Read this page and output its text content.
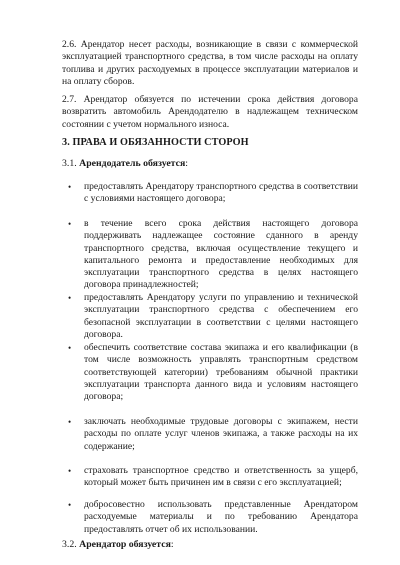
2.6. Арендатор несет расходы, возникающие в связи с коммерческой эксплуатацией транспортного средства, в том числе расходы на оплату топлива и других расходуемых в процессе эксплуатации материалов и на оплату сборов.

2.7. Арендатор обязуется по истечении срока действия договора возвратить автомобиль Арендодателю в надлежащем техническом состоянии с учетом нормального износа.

3. ПРАВА И ОБЯЗАННОСТИ СТОРОН

3.1. Арендодатель обязуется:

• предоставлять Арендатору транспортного средства в соответствии с условиями настоящего договора;

• в течение всего срока действия настоящего договора поддерживать надлежащее состояние сданного в аренду транспортного средства, включая осуществление текущего и капитального ремонта и предоставление необходимых для эксплуатации транспортного средства в целях настоящего договора принадлежностей;

• предоставлять Арендатору услуги по управлению и технической эксплуатации транспортного средства с обеспечением его безопасной эксплуатации в соответствии с целями настоящего договора.

• обеспечить соответствие состава экипажа и его квалификации (в том числе возможность управлять транспортным средством соответствующей категории) требованиям обычной практики эксплуатации транспорта данного вида и условиям настоящего договора;

• заключать необходимые трудовые договоры с экипажем, нести расходы по оплате услуг членов экипажа, а также расходы на их содержание;

• страховать транспортное средство и ответственность за ущерб, который может быть причинен им в связи с его эксплуатацией;

• добросовестно использовать представленные Арендатором расходуемые материалы и по требованию Арендатора предоставлять отчет об их использовании.

3.2. Арендатор обязуется:
